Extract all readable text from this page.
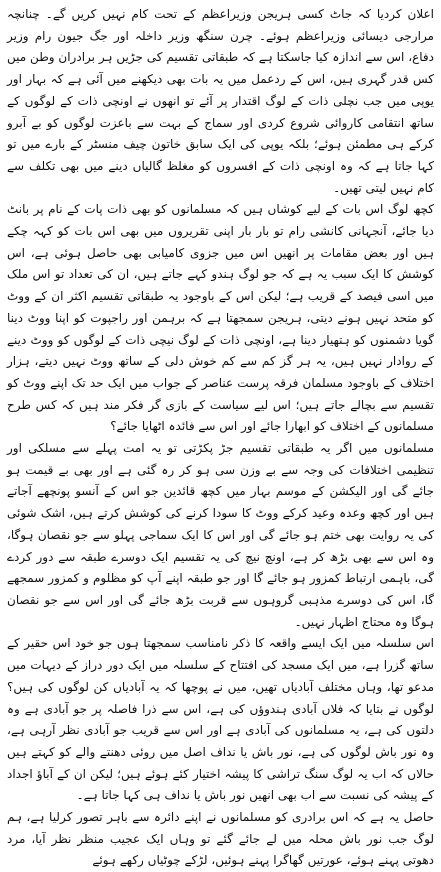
اعلان کردیا کہ جاٹ کسی ہریجن وزیراعظم کے تحت کام نہیں کریں گے۔ چنانچہ مرارجی دیسائی وزیراعظم ہوئے۔ چرن سنگھ وزیر داخلہ اور جگ جیون رام وزیر دفاع، اس سے اندازہ کیا جاسکتا ہے کہ طبقاتی تقسیم کی جڑیں ہر برادران وطن میں کس قدر گہری ہیں، اس کے ردعمل میں یہ بات بھی دیکھنے میں آئی ہے کہ بہار اور یوپی میں جب نچلی ذات کے لوگ اقتدار پر آئے تو انھوں نے اونچی ذات کے لوگوں کے ساتھ انتقامی کاروائی شروع کردی اور سماج کے بہت سے باعزت لوگوں کو بے آبرو کرکے ہی مطمئن ہوئے؛ بلکہ یوپی کی ایک سابق خاتون چیف منسٹر کے بارے میں تو کہا جاتا ہے کہ وہ اونچی ذات کے افسروں کو مغلظ گالیاں دینے میں بھی تکلف سے کام نہیں لیتی تھیں۔

کچھ لوگ اس بات کے لیے کوشاں ہیں کہ مسلمانوں کو بھی ذات پات کے نام پر بانٹ دیا جائے، آنجہانی کانشی رام تو بار بار اپنی تقریروں میں بھی اس بات کو کہہ چکے ہیں اور بعض مقامات پر انھیں اس میں جزوی کامیابی بھی حاصل ہوئی ہے، اس کوشش کا ایک سبب یہ ہے کہ جو لوگ ہندو کہے جاتے ہیں، ان کی تعداد تو اس ملک میں اسی فیصد کے قریب ہے؛ لیکن اس کے باوجود یہ طبقاتی تقسیم اکثر ان کے ووٹ کو متحد نہیں ہونے دیتی، ہریجن سمجھتا ہے کہ برہمن اور راجپوت کو اپنا ووٹ دینا گویا دشمنوں کو ہتھیار دینا ہے، اونچی ذات کے لوگ نیچی ذات کے لوگوں کو ووٹ دینے کے روادار نہیں ہیں، یہ ہر گز کم سے کم خوش دلی کے ساتھ ووٹ نہیں دیتے، ہزار اختلاف کے باوجود مسلمان فرقہ پرست عناصر کے جواب میں ایک حد تک اپنے ووٹ کو تقسیم سے بچالے جاتے ہیں؛ اس لیے سیاست کے بازی گر فکر مند ہیں کہ کس طرح مسلمانوں کے اختلاف کو ابھارا جائے اور اس سے فائدہ اٹھایا جائے؟

مسلمانوں میں اگر یہ طبقاتی تقسیم جڑ پکڑتی تو یہ امت پہلے سے مسلکی اور تنظیمی اختلافات کی وجہ سے بے وزن سی ہو کر رہ گئی ہے اور بھی بے قیمت ہو جائے گی اور الیکشن کے موسم بہار میں کچھ قائدین جو اس کے آنسو پونچھے آجاتے ہیں اور کچھ وعدہ وعید کرکے ووٹ کا سودا کرنے کی کوشش کرتے ہیں، اشک شوئی کی یہ روایت بھی ختم ہو جائے گی اور اس کا ایک سماجی پہلو سے جو نقصان ہوگا، وہ اس سے بھی بڑھ کر ہے، اونچ نیچ کی یہ تقسیم ایک دوسرے طبقہ سے دور کردے گی، باہمی ارتباط کمزور ہو جائے گا اور جو طبقہ اپنے آپ کو مظلوم و کمزور سمجھے گا، اس کی دوسرے مذہبی گروہوں سے قربت بڑھ جائے گی اور اس سے جو نقصان ہوگا وہ محتاج اظہار نہیں۔

اس سلسلہ میں ایک ایسے واقعہ کا ذکر نامناسب سمجھتا ہوں جو خود اس حقیر کے ساتھ گزرا ہے، میں ایک مسجد کی افتتاح کے سلسلہ میں ایک دور دراز کے دیہات میں مدعو تھا، وہاں مختلف آبادیاں تھیں، میں نے پوچھا کہ یہ آبادیاں کن لوگوں کی ہیں؟ لوگوں نے بتایا کہ فلاں آبادی ہندوؤں کی ہے، اس سے ذرا فاصلہ پر جو آبادی ہے وہ دلتوں کی ہے، یہ مسلمانوں کی آبادی ہے اور اس سے قریب جو آبادی نظر آرہی ہے، وہ نور باش لوگوں کی ہے، نور باش یا نداف اصل میں روئی دھنتے والے کو کہتے ہیں حالاں کہ اب یہ لوگ سنگ تراشی کا پیشہ اختیار کئے ہوئے ہیں؛ لیکن ان کے آباؤ اجداد کے پیشہ کی نسبت سے اب بھی انھیں نور باش یا نداف ہی کہا جاتا ہے۔

حاصل یہ ہے کہ اس برادری کو مسلمانوں نے اپنے دائرہ سے باہر تصور کرلیا ہے، ہم لوگ جب نور باش محلہ میں لے جائے گئے تو وہاں ایک عجیب منظر نظر آیا، مرد دھوتی پہنے ہوئے، عورتیں گھاگرا پہنے ہوئیں، لڑکے چوٹیاں رکھے ہوئے
